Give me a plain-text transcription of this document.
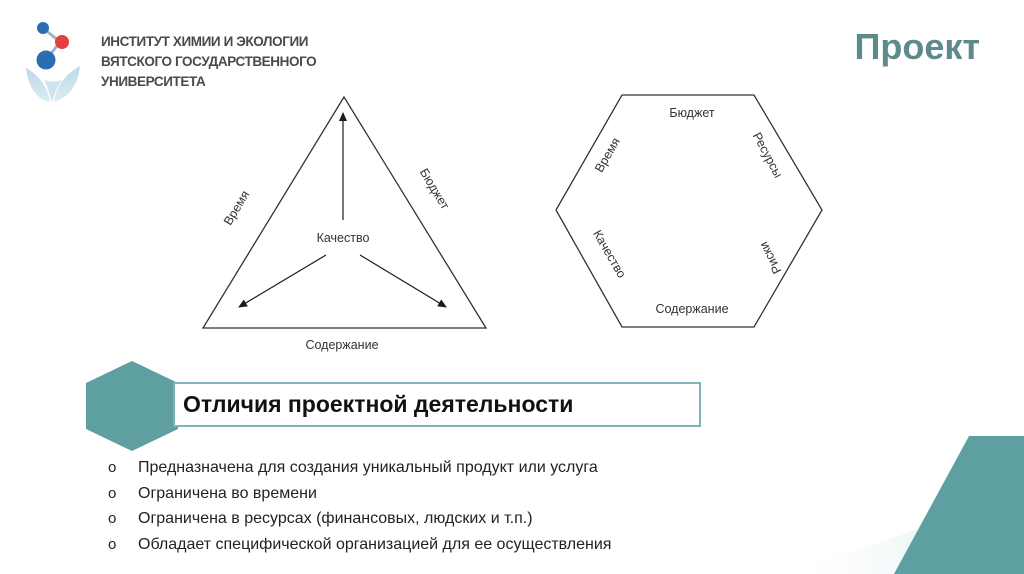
ИНСТИТУТ ХИМИИ И ЭКОЛОГИИ
ВЯТСКОГО ГОСУДАРСТВЕННОГО
УНИВЕРСИТЕТА
Проект
Качество
Время	Бюджет
Содержание
Бюджет
Время	Ресурсы
Качество	Риски
Содержание
Отличия проектной деятельности
o	Предназначена для создания уникальный продукт или услуга
o	Ограничена во времени
o	Ограничена в ресурсах (финансовых, людских и т.п.)
o	Обладает специфической организацией для ее осуществления
